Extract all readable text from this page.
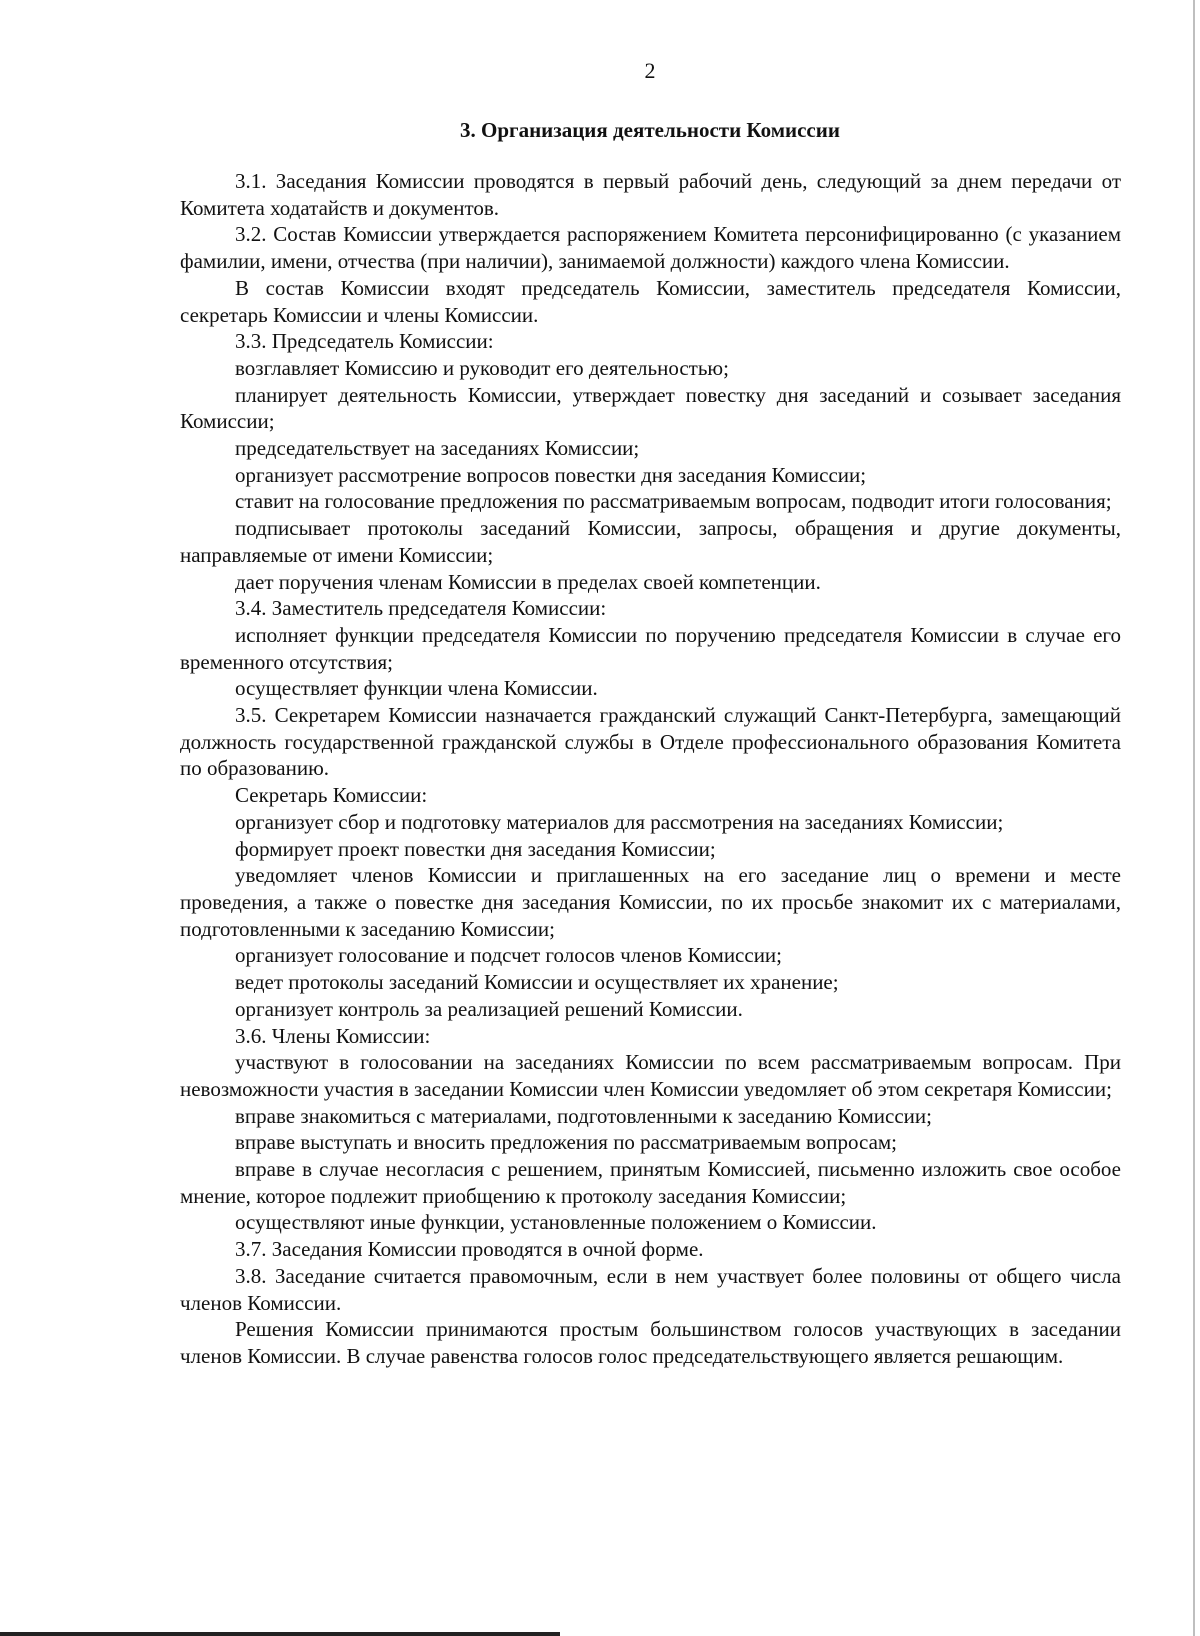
2
3. Организация деятельности Комиссии

3.1. Заседания Комиссии проводятся в первый рабочий день, следующий за днем передачи от Комитета ходатайств и документов.

3.2. Состав Комиссии утверждается распоряжением Комитета персонифицированно (с указанием фамилии, имени, отчества (при наличии), занимаемой должности) каждого члена Комиссии.

В состав Комиссии входят председатель Комиссии, заместитель председателя Комиссии, секретарь Комиссии и члены Комиссии.

3.3. Председатель Комиссии:

возглавляет Комиссию и руководит его деятельностью;

планирует деятельность Комиссии, утверждает повестку дня заседаний и созывает заседания Комиссии;

председательствует на заседаниях Комиссии;

организует рассмотрение вопросов повестки дня заседания Комиссии;

ставит на голосование предложения по рассматриваемым вопросам, подводит итоги голосования;

подписывает протоколы заседаний Комиссии, запросы, обращения и другие документы, направляемые от имени Комиссии;

дает поручения членам Комиссии в пределах своей компетенции.

3.4. Заместитель председателя Комиссии:

исполняет функции председателя Комиссии по поручению председателя Комиссии в случае его временного отсутствия;

осуществляет функции члена Комиссии.

3.5. Секретарем Комиссии назначается гражданский служащий Санкт-Петербурга, замещающий должность государственной гражданской службы в Отделе профессионального образования Комитета по образованию.

Секретарь Комиссии:

организует сбор и подготовку материалов для рассмотрения на заседаниях Комиссии;

формирует проект повестки дня заседания Комиссии;

уведомляет членов Комиссии и приглашенных на его заседание лиц о времени и месте проведения, а также о повестке дня заседания Комиссии, по их просьбе знакомит их с материалами, подготовленными к заседанию Комиссии;

организует голосование и подсчет голосов членов Комиссии;

ведет протоколы заседаний Комиссии и осуществляет их хранение;

организует контроль за реализацией решений Комиссии.

3.6. Члены Комиссии:

участвуют в голосовании на заседаниях Комиссии по всем рассматриваемым вопросам. При невозможности участия в заседании Комиссии член Комиссии уведомляет об этом секретаря Комиссии;

вправе знакомиться с материалами, подготовленными к заседанию Комиссии;

вправе выступать и вносить предложения по рассматриваемым вопросам;

вправе в случае несогласия с решением, принятым Комиссией, письменно изложить свое особое мнение, которое подлежит приобщению к протоколу заседания Комиссии;

осуществляют иные функции, установленные положением о Комиссии.

3.7. Заседания Комиссии проводятся в очной форме.

3.8. Заседание считается правомочным, если в нем участвует более половины от общего числа членов Комиссии.

Решения Комиссии принимаются простым большинством голосов участвующих в заседании членов Комиссии. В случае равенства голосов голос председательствующего является решающим.
